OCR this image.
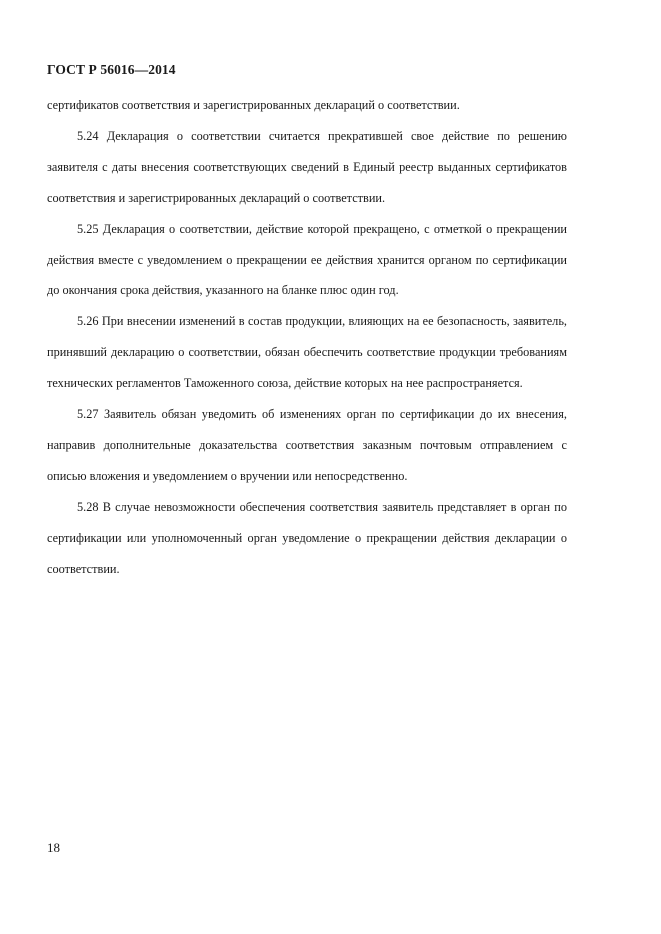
ГОСТ Р 56016—2014

сертификатов соответствия и зарегистрированных деклараций о соответствии.

5.24 Декларация о соответствии считается прекратившей свое действие по решению заявителя с даты внесения соответствующих сведений в Единый реестр выданных сертификатов соответствия и зарегистрированных деклараций о соответствии.

5.25 Декларация о соответствии, действие которой прекращено, с отметкой о прекращении действия вместе с уведомлением о прекращении ее действия хранится органом по сертификации до окончания срока действия, указанного на бланке плюс один год.

5.26 При внесении изменений в состав продукции, влияющих на ее безопасность, заявитель, принявший декларацию о соответствии, обязан обеспечить соответствие продукции требованиям технических регламентов Таможенного союза, действие которых на нее распространяется.

5.27 Заявитель обязан уведомить об изменениях орган по сертификации до их внесения, направив дополнительные доказательства соответствия заказным почтовым отправлением с описью вложения и уведомлением о вручении или непосредственно.

5.28 В случае невозможности обеспечения соответствия заявитель представляет в орган по сертификации или уполномоченный орган уведомление о прекращении действия декларации о соответствии.

18
